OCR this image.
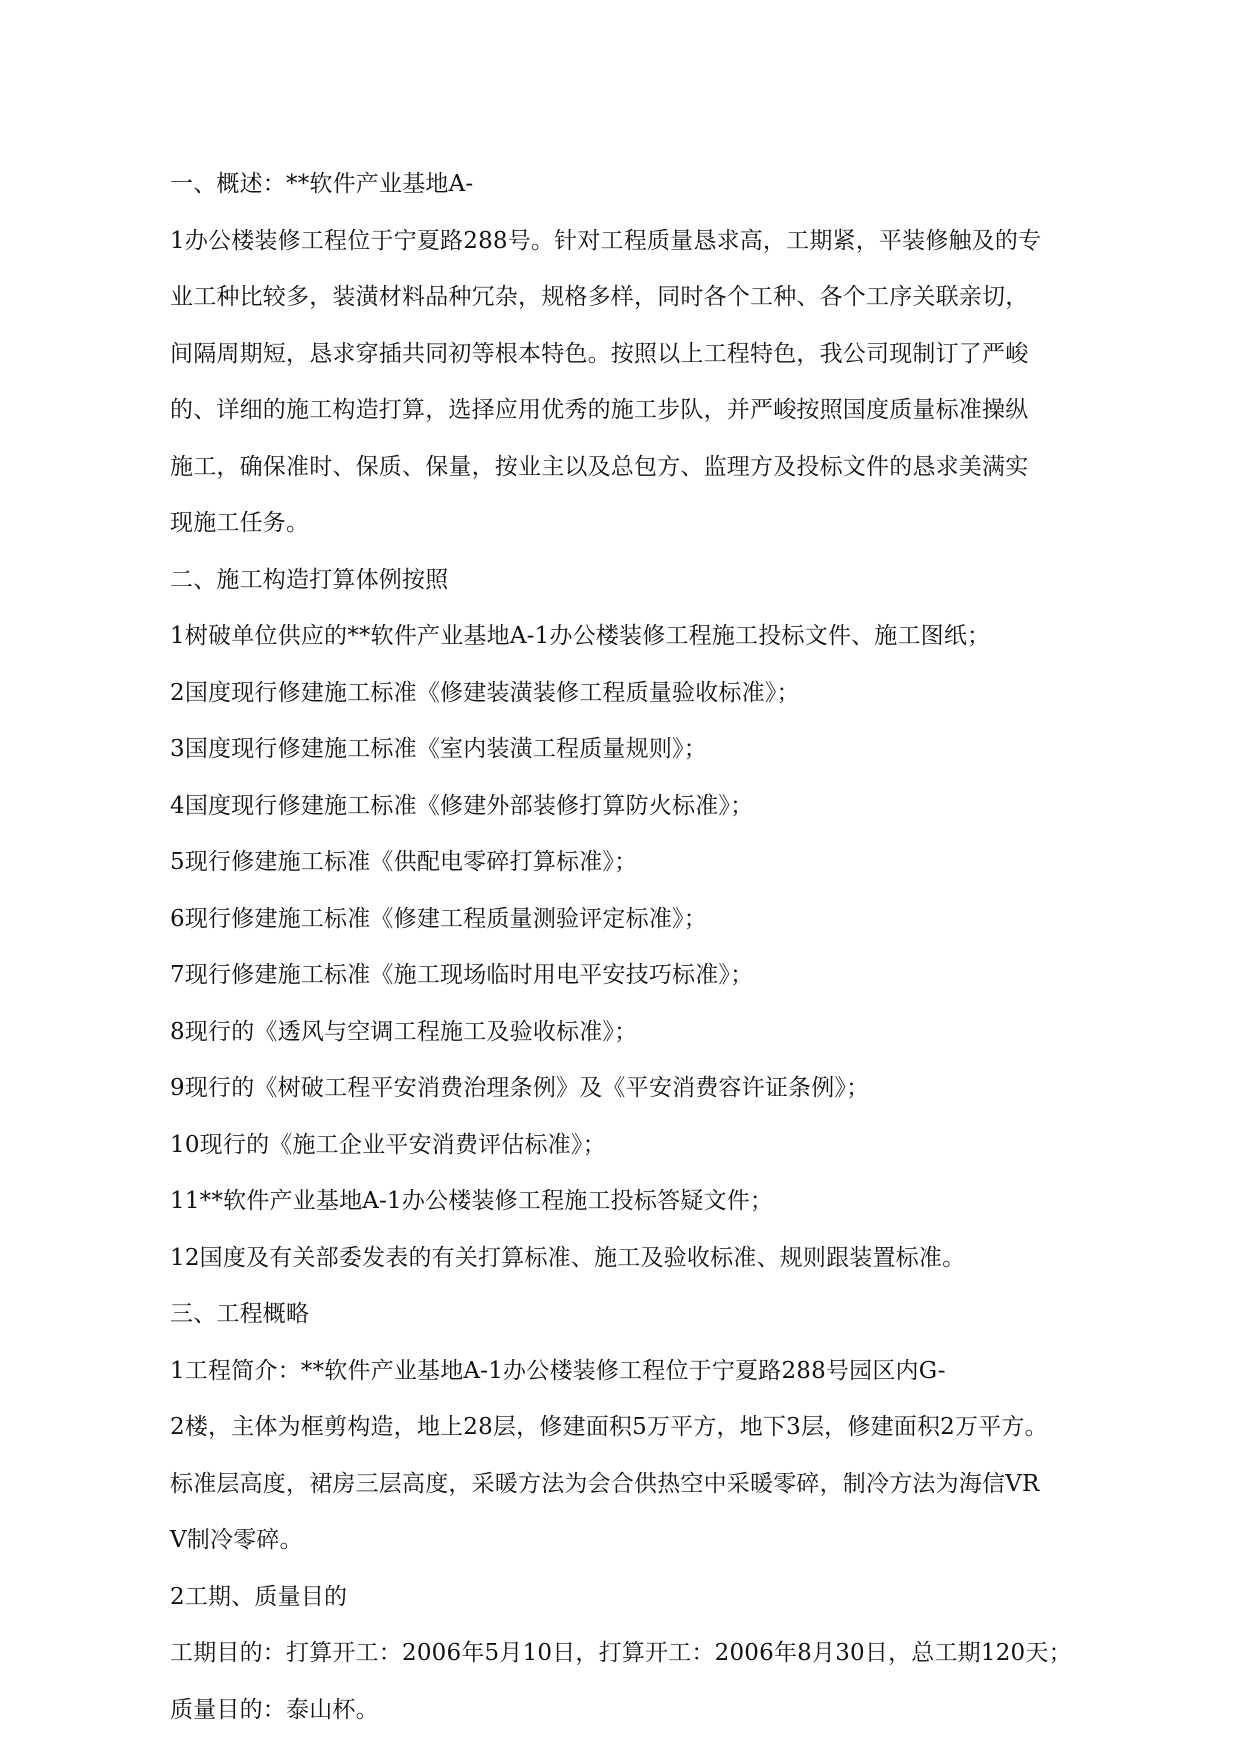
一、概述：**软件产业基地A-
1办公楼装修工程位于宁夏路288号。针对工程质量恳求高，工期紧，平装修触及的专
业工种比较多，装潢材料品种冗杂，规格多样，同时各个工种、各个工序关联亲切，
间隔周期短，恳求穿插共同初等根本特色。按照以上工程特色，我公司现制订了严峻
的、详细的施工构造打算，选择应用优秀的施工步队，并严峻按照国度质量标准操纵
施工，确保准时、保质、保量，按业主以及总包方、监理方及投标文件的恳求美满实
现施工任务。
二、施工构造打算体例按照
1树破单位供应的**软件产业基地A-1办公楼装修工程施工投标文件、施工图纸；
2国度现行修建施工标准《修建装潢装修工程质量验收标准》；
3国度现行修建施工标准《室内装潢工程质量规则》；
4国度现行修建施工标准《修建外部装修打算防火标准》；
5现行修建施工标准《供配电零碎打算标准》；
6现行修建施工标准《修建工程质量测验评定标准》；
7现行修建施工标准《施工现场临时用电平安技巧标准》；
8现行的《透风与空调工程施工及验收标准》；
9现行的《树破工程平安消费治理条例》及《平安消费容许证条例》；
10现行的《施工企业平安消费评估标准》；
11**软件产业基地A-1办公楼装修工程施工投标答疑文件；
12国度及有关部委发表的有关打算标准、施工及验收标准、规则跟装置标准。
三、工程概略
1工程简介：**软件产业基地A-1办公楼装修工程位于宁夏路288号园区内G-
2楼，主体为框剪构造，地上28层，修建面积5万平方，地下3层，修建面积2万平方。
标准层高度，裙房三层高度，采暖方法为会合供热空中采暖零碎，制冷方法为海信VR
V制冷零碎。
2工期、质量目的
工期目的：打算开工：2006年5月10日，打算开工：2006年8月30日，总工期120天；
质量目的：泰山杯。
